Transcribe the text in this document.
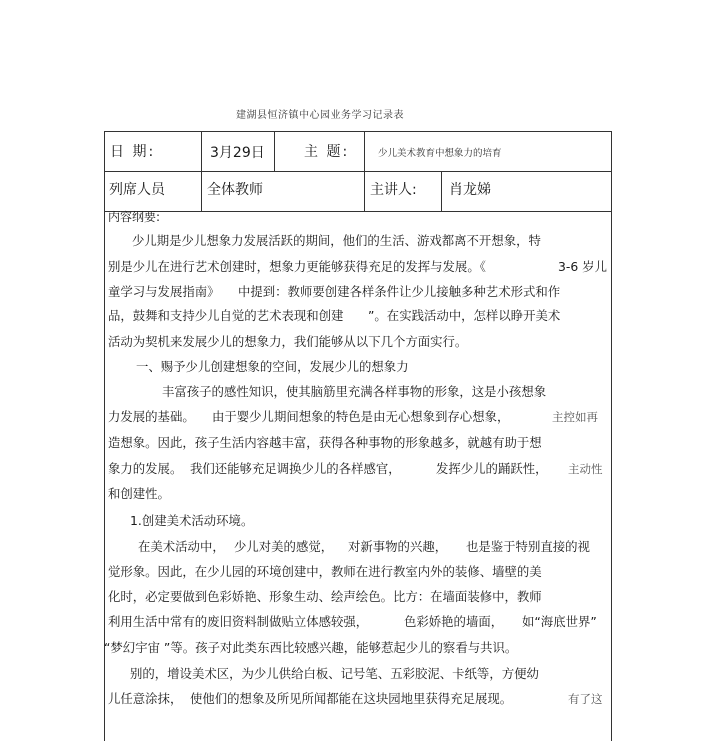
建湖县恒济镇中心园业务学习记录表
日 期:	3月29日	主 题:	少儿美术教育中想象力的培育
列席人员	全体教师	主讲人: 肖龙娣
内容纲要:
少儿期是少儿想象力发展活跃的期间，他们的生活、游戏都离不开想象，特
别是少儿在进行艺术创建时，想象力更能够获得充足的发挥与发展。《	3-6 岁儿
童学习与发展指南》 中提到：教师要创建各样条件让少儿接触多种艺术形式和作
品，鼓舞和支持少儿自觉的艺术表现和创建 ”。在实践活动中，怎样以睁开美术
活动为契机来发展少儿的想象力，我们能够从以下几个方面实行。
一、赐予少儿创建想象的空间，发展少儿的想象力
丰富孩子的感性知识，使其脑筋里充满各样事物的形象，这是小孩想象
力发展的基础。 由于婴少儿期间想象的特色是由无心想象到存心想象，	主控如再
造想象。因此，孩子生活内容越丰富，获得各种事物的形象越多，就越有助于想
象力的发展。 我们还能够充足调换少儿的各样感官，	发挥少儿的踊跃性， 主动性
和创建性。
1.创建美术活动环境。
在美术活动中， 少儿对美的感觉， 对新事物的兴趣， 也是鉴于特别直接的视
觉形象。因此，在少儿园的环境创建中，教师在进行教室内外的装修、墙壁的美
化时，必定要做到色彩娇艳、形象生动、绘声绘色。比方：在墙面装修中，教师
利用生活中常有的废旧资料制做贴立体感较强，	色彩娇艳的墙面， 如“海底世界”
“梦幻宇宙 ”等。孩子对此类东西比较感兴趣，能够惹起少儿的察看与共识。
别的，增设美术区，为少儿供给白板、记号笔、五彩胶泥、卡纸等，方便幼
儿任意涂抹， 使他们的想象及所见所闻都能在这块园地里获得充足展现。	有了这
